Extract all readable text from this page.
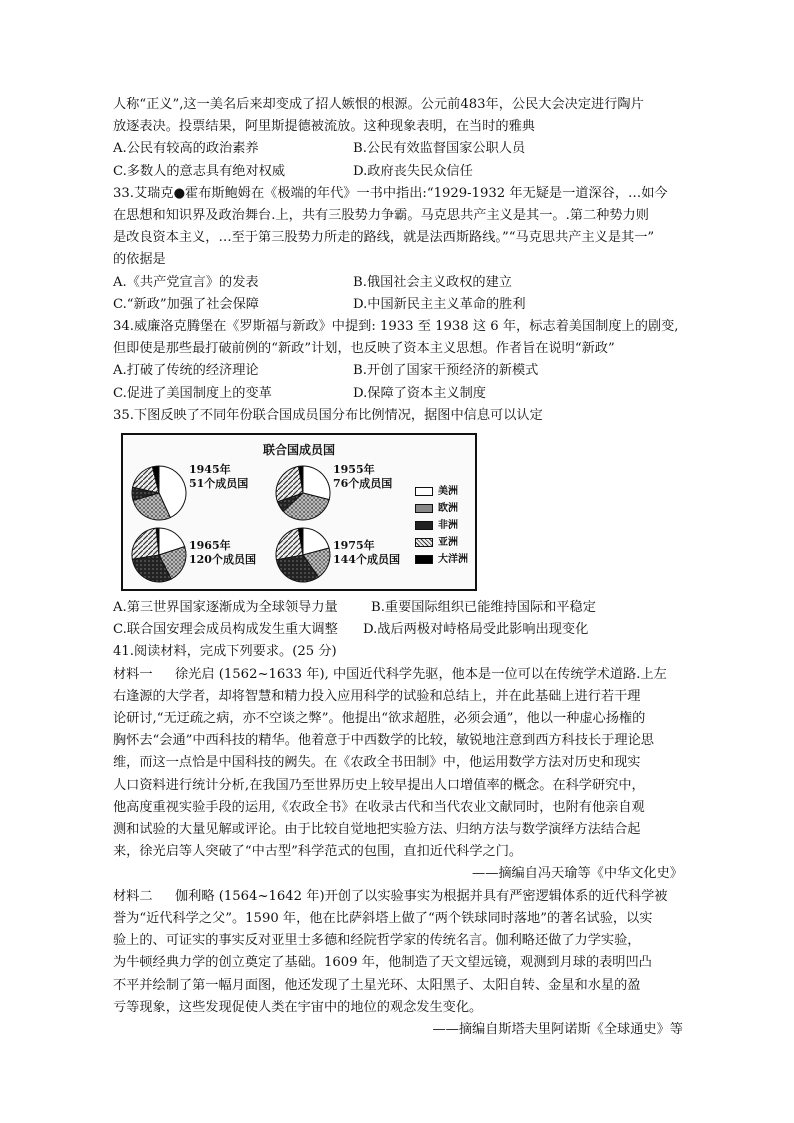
人称“正义”,这一美名后来却变成了招人嫉恨的根源。公元前483年，公民大会决定进行陶片

放逐表决。投票结果，阿里斯提德被流放。这种现象表明，在当时的雅典

A.公民有较高的政治素养	B.公民有效监督国家公职人员
C.多数人的意志具有绝对权威	D.政府丧失民众信任

33.艾瑞克●霍布斯鲍姆在《极端的年代》一书中指出:“1929-1932 年无疑是一道深谷，…如今

在思想和知识界及政治舞台.上，共有三股势力争霸。马克思共产主义是其一。.第二种势力则

是改良资本主义，…至于第三股势力所走的路线，就是法西斯路线。”“马克思共产主义是其一”

的依据是

A.《共产党宣言》的发表	B.俄国社会主义政权的建立
C.“新政”加强了社会保障	D.中国新民主主义革命的胜利

34.威廉洛克腾堡在《罗斯福与新政》中提到: 1933 至 1938 这 6 年，标志着美国制度上的剧变,

但即使是那些最打破前例的“新政”计划，也反映了资本主义思想。作者旨在说明“新政”

A.打破了传统的经济理论	B.开创了国家干预经济的新模式
C.促进了美国制度上的变革	D.保障了资本主义制度

35.下图反映了不同年份联合国成员国分布比例情况，据图中信息可以认定

联合国成员国
1945年
51个成员国
1955年
76个成员国
1965年
120个成员国
1975年
144个成员国
美洲
欧洲
非洲
亚洲
大洋洲
A.第三世界国家逐渐成为全球领导力量	B.重要国际组织已能维持国际和平稳定
C.联合国安理会成员构成发生重大调整	D.战后两极对峙格局受此影响出现变化

41.阅读材料，完成下列要求。(25 分)

材料一	徐光启 (1562~1633 年), 中国近代科学先驱，他本是一位可以在传统学术道路.上左

右逢源的大学者，却将智慧和精力投入应用科学的试验和总结上，并在此基础上进行若干理

论研讨,“无迂疏之病，亦不空谈之弊”。他提出“欲求超胜，必须会通”，他以一种虚心扬権的

胸怀去“会通”中西科技的精华。他着意于中西数学的比较，敏锐地注意到西方科技长于理论思

维，而这一点恰是中国科技的阙失。在《农政全书田制》中，他运用数学方法对历史和现实

人口资料进行统计分析,在我国乃至世界历史上较早提出人口增值率的概念。在科学研究中，

他高度重视实验手段的运用,《农政全书》在收录古代和当代农业文献同时，也附有他亲自观

测和试验的大量见解或评论。由于比较自觉地把实验方法、归纳方法与数学演绎方法结合起

来，徐光启等人突破了“中古型”科学范式的包围，直扣近代科学之门。

——摘编自冯天瑜等《中华文化史》

材料二	伽利略 (1564~1642 年)开创了以实验事实为根据并具有严密逻辑体系的近代科学被

誉为“近代科学之父”。1590 年，他在比萨斜塔上做了“两个铁球同时落地”的著名试验，以实

验上的、可证实的事实反对亚里士多德和经院哲学家的传统名言。伽利略还做了力学实验，

为牛顿经典力学的创立奠定了基础。1609 年，他制造了天文望远镜，观测到月球的表明凹凸

不平并绘制了第一幅月面图，他还发现了土星光环、太阳黑子、太阳自转、金星和水星的盈

亏等现象，这些发现促使人类在宇宙中的地位的观念发生变化。

——摘编自斯塔夫里阿诺斯《全球通史》等
